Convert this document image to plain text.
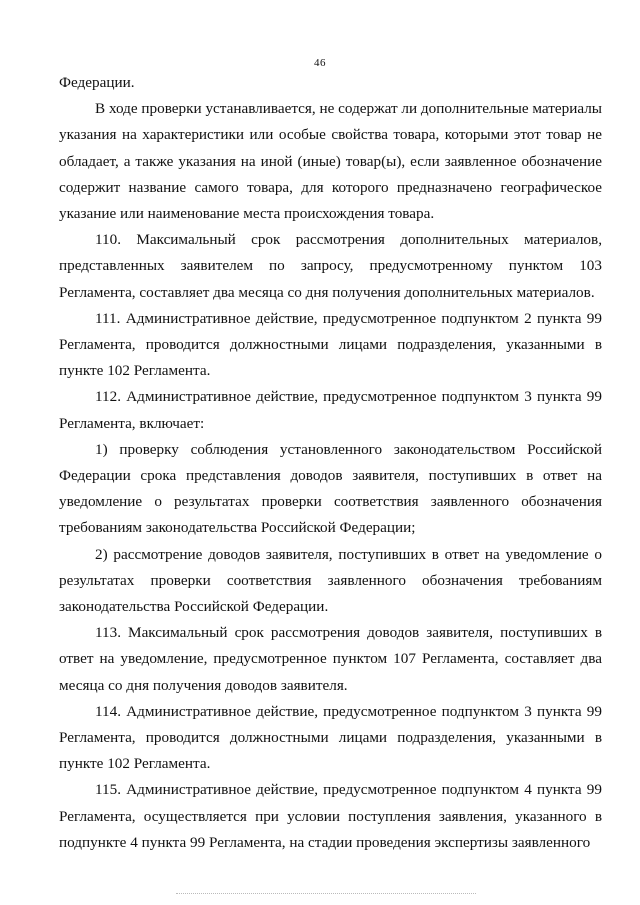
46

Федерации.

В ходе проверки устанавливается, не содержат ли дополнительные материалы указания на характеристики или особые свойства товара, которыми этот товар не обладает, а также указания на иной (иные) товар(ы), если заявленное обозначение содержит название самого товара, для которого предназначено географическое указание или наименование места происхождения товара.

110. Максимальный срок рассмотрения дополнительных материалов, представленных заявителем по запросу, предусмотренному пунктом 103 Регламента, составляет два месяца со дня получения дополнительных материалов.

111. Административное действие, предусмотренное подпунктом 2 пункта 99 Регламента, проводится должностными лицами подразделения, указанными в пункте 102 Регламента.

112. Административное действие, предусмотренное подпунктом 3 пункта 99 Регламента, включает:

1) проверку соблюдения установленного законодательством Российской Федерации срока представления доводов заявителя, поступивших в ответ на уведомление о результатах проверки соответствия заявленного обозначения требованиям законодательства Российской Федерации;

2) рассмотрение доводов заявителя, поступивших в ответ на уведомление о результатах проверки соответствия заявленного обозначения требованиям законодательства Российской Федерации.

113. Максимальный срок рассмотрения доводов заявителя, поступивших в ответ на уведомление, предусмотренное пунктом 107 Регламента, составляет два месяца со дня получения доводов заявителя.

114. Административное действие, предусмотренное подпунктом 3 пункта 99 Регламента, проводится должностными лицами подразделения, указанными в пункте 102 Регламента.

115. Административное действие, предусмотренное подпунктом 4 пункта 99 Регламента, осуществляется при условии поступления заявления, указанного в подпункте 4 пункта 99 Регламента, на стадии проведения экспертизы заявленного
